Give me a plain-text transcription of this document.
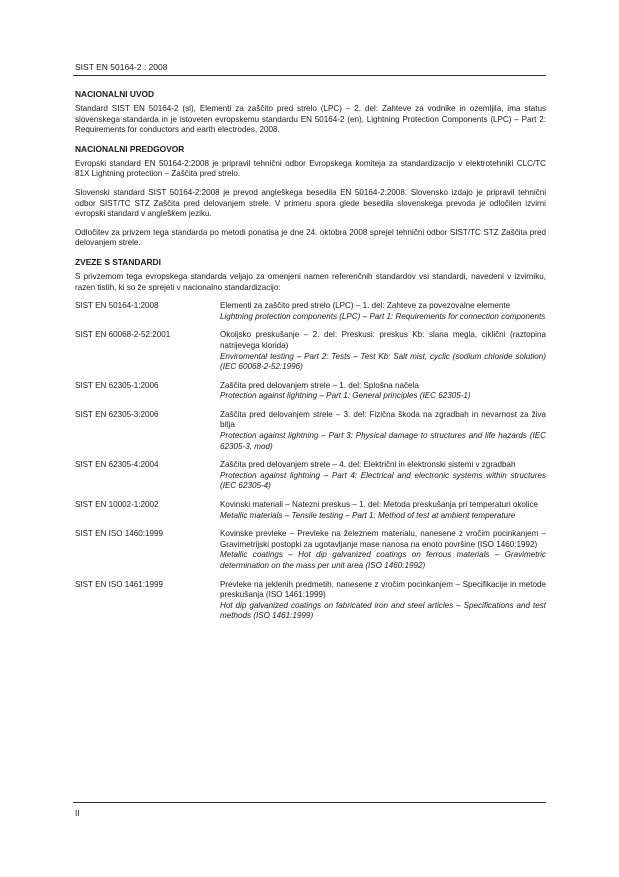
SIST EN 50164-2 : 2008
NACIONALNI UVOD

Standard SIST EN 50164-2 (sl), Elementi za zaščito pred strelo (LPC) – 2. del: Zahteve za vodnike in ozemljila, ima status slovenskega standarda in je istoveten evropskemu standardu EN 50164-2 (en), Lightning Protection Components (LPC) – Part 2: Requirements for conductors and earth electrodes, 2008.

NACIONALNI PREDGOVOR

Evropski standard EN 50164-2:2008 je pripravil tehnični odbor Evropskega komiteja za standardizacijo v elektrotehniki CLC/TC 81X Lightning protection – Zaščita pred strelo.

Slovenski standard SIST 50164-2:2008 je prevod angleškega besedila EN 50164-2:2008. Slovensko izdajo je pripravil tehnični odbor SIST/TC STZ Zaščita pred delovanjem strele. V primeru spora glede besedila slovenskega prevoda je odločilen izvirni evropski standard v angleškem jeziku.

Odločitev za privzem tega standarda po metodi ponatisa je dne 24. oktobra 2008 sprejel tehnični odbor SIST/TC STZ Zaščita pred delovanjem strele.

ZVEZE S STANDARDI

S privzemom tega evropskega standarda veljajo za omenjeni namen referenčnih standardov vsi standardi, navedeni v izvirniku, razen tistih, ki so že sprejeti v nacionalno standardizacijo:

SIST EN 50164-1:2008	Elementi za zaščito pred strelo (LPC) – 1. del: Zahteve za povezovalne elemente
Lightning protection components (LPC) – Part 1: Requirements for connection components
SIST EN 60068-2-52:2001	Okoljsko preskušanje – 2. del: Preskusi: preskus Kb: slana megla, ciklični (raztopina natrijevega klorida)
Enviromental testing – Part 2: Tests – Test Kb: Salt mist, cyclic (sodium chloride solution) (IEC 60068-2-52:1996)
SIST EN 62305-1:2006	Zaščita pred delovanjem strele – 1. del: Splošna načela
Protection against lightning – Part 1: General principles (IEC 62305-1)
SIST EN 62305-3:2006	Zaščita pred delovanjem strele – 3. del: Fizična škoda na zgradbah in nevarnost za živa bitja
Protection against lightning – Part 3: Physical damage to structures and life hazards (IEC 62305-3, mod)
SIST EN 62305-4:2004	Zaščita pred delovanjem strele – 4. del: Električni in elektronski sistemi v zgradbah
Protection against lightning – Part 4: Electrical and electronic systems within structures (IEC 62305-4)
SIST EN 10002-1:2002	Kovinski materiali – Natezni preskus – 1. del: Metoda preskušanja pri temperaturi okolice
Metallic materials – Tensile testing – Part 1: Method of test at ambient temperature
SIST EN ISO 1460:1999	Kovinske prevleke – Prevleke na železnem materialu, nanesene z vročim pocinkanjem – Gravimetrijski postopki za ugotavljanje mase nanosa na enoto površine (ISO 1460:1992)
Metallic coatings – Hot dip galvanized coatings on ferrous materials – Gravimetric determination on the mass per unit area (ISO 1460:1992)
SIST EN ISO 1461:1999	Prevleke na jeklenih predmetih, nanesene z vročim pocinkanjem – Specifikacije in metode preskušanja (ISO 1461:1999)
Hot dip galvanized coatings on fabricated iron and steel articles – Specifications and test methods (ISO 1461:1999)
II
